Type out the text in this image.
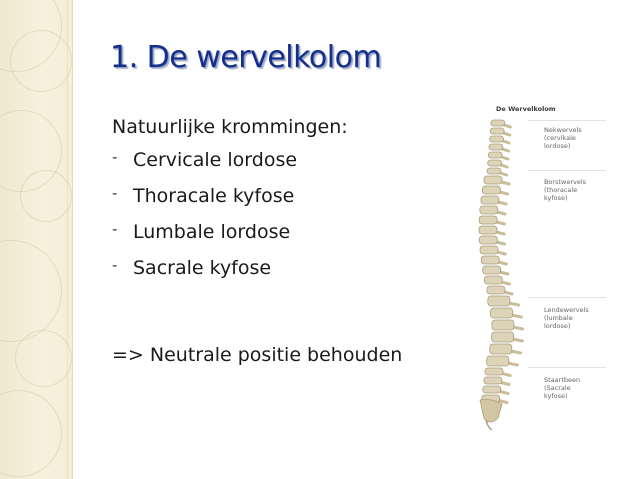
1. De wervelkolom
Natuurlijke krommingen:
- Cervicale lordose
- Thoracale kyfose
- Lumbale lordose
- Sacrale kyfose
=> Neutrale positie behouden
De Wervelkolom
Nekwervels
(cervikale
lordose)
Borstwervels
(thoracale
kyfose)
Lendewervels
(lumbale
lordose)
Staartbeen
(Sacrale
kyfose)
